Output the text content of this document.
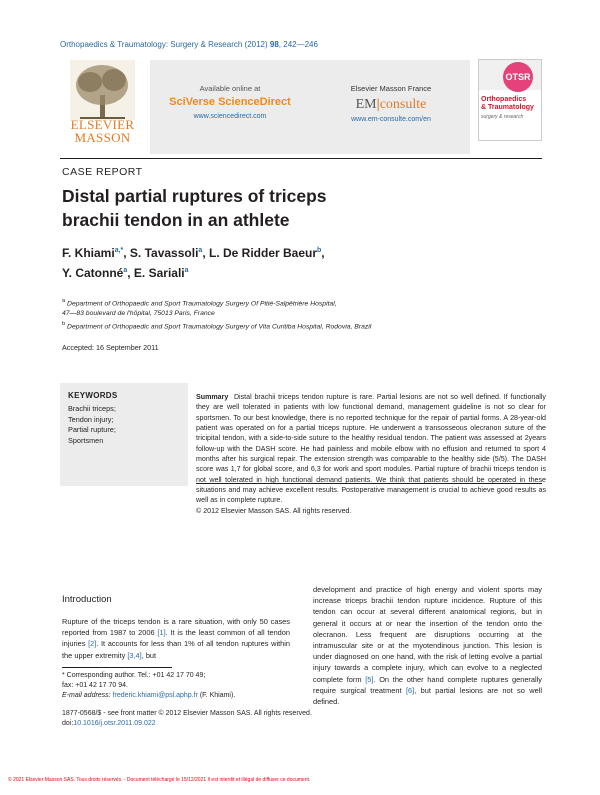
Orthopaedics & Traumatology: Surgery & Research (2012) 98, 242—246
ELSEVIER
MASSON
Available online at
SciVerse ScienceDirect
www.sciencedirect.com
Elsevier Masson France
EM|consulte
www.em-consulte.com/en
OTSR
Orthopaedics
& Traumatology
surgery & research
CASE REPORT
Distal partial ruptures of triceps
brachii tendon in an athlete
F. Khiami$^{a,*}$, S. Tavassoli$^a$, L. De Ridder Baeur$^b$,
Y. Catonné$^a$, E. Sariali$^a$
$^a$ Department of Orthopaedic and Sport Traumatology Surgery Of Pitié-Salpêtrière Hospital,
47—83 boulevard de l'hôpital, 75013 Paris, France
$^b$ Department of Orthopaedic and Sport Traumatology Surgery of Vita Curitiba Hospital, Rodovia, Brazil
Accepted: 16 September 2011
KEYWORDS
Brachii triceps;
Tendon injury;
Partial rupture;
Sportsmen
Summary Distal brachii triceps tendon rupture is rare. Partial lesions are not so well defined. If functionally they are well tolerated in patients with low functional demand, management guideline is not so clear for sportsmen. To our best knowledge, there is no reported technique for the repair of partial forms. A 28-year-old patient was operated on for a partial triceps rupture. He underwent a transosseous olecranon suture of the tricipital tendon, with a side-to-side suture to the healthy residual tendon. The patient was assessed at 2years follow-up with the DASH score. He had painless and mobile elbow with no effusion and returned to sport 4 months after his surgical repair. The extension strength was comparable to the healthy side (5/5). The DASH score was 1,7 for global score, and 6,3 for work and sport modules. Partial rupture of brachii triceps tendon is not well tolerated in high functional demand patients. We think that patients should be operated in these situations and may achieve excellent results. Postoperative management is crucial to achieve good results as well as in complete rupture.
© 2012 Elsevier Masson SAS. All rights reserved.
Introduction
Rupture of the triceps tendon is a rare situation, with only 50 cases reported from 1987 to 2006 [1]. It is the least common of all tendon injuries [2]. It accounts for less than 1% of all tendon ruptures within the upper extremity [3,4], but
development and practice of high energy and violent sports may increase triceps brachii tendon rupture incidence. Rupture of this tendon can occur at several different anatomical regions, but in general it occurs at or near the insertion of the tendon onto the olecranon. Less frequent are disruptions occurring at the intramuscular site or at the myotendinous junction. This lesion is under diagnosed on one hand, with the risk of letting evolve a partial injury towards a complete injury, which can evolve to a neglected complete form [5]. On the other hand complete ruptures generally require surgical treatment [6], but partial lesions are not so well defined.
* Corresponding author. Tel.: +01 42 17 70 49;
fax: +01 42 17 70 94.
E-mail address: frederic.khiami@psl.aphp.fr (F. Khiami).
1877-0568/$ - see front matter © 2012 Elsevier Masson SAS. All rights reserved.
doi:10.1016/j.otsr.2011.09.022
© 2021 Elsevier Masson SAS. Tous droits réservés. - Document téléchargé le 15/12/2021 Il est interdit et illégal de diffuser ce document.
